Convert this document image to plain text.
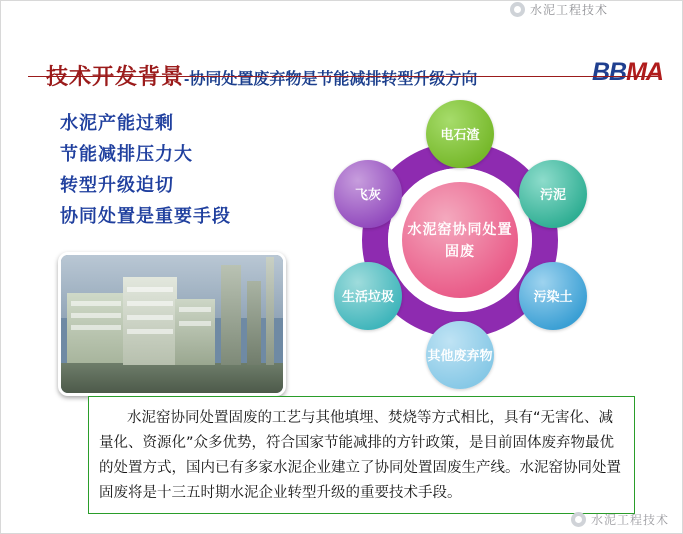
水泥工程技术
技术开发背景-协同处置废弃物是节能减排转型升级方向	BBMA
水泥产能过剩
节能减排压力大
转型升级迫切
协同处置是重要手段
水泥窑协同处置固废
电石渣
污泥
污染土
其他废弃物
生活垃圾
飞灰
水泥窑协同处置固废的工艺与其他填埋、焚烧等方式相比，具有“无害化、减量化、资源化”众多优势，符合国家节能减排的方针政策，是目前固体废弃物最优的处置方式，国内已有多家水泥企业建立了协同处置固废生产线。水泥窑协同处置固废将是十三五时期水泥企业转型升级的重要技术手段。
水泥工程技术
